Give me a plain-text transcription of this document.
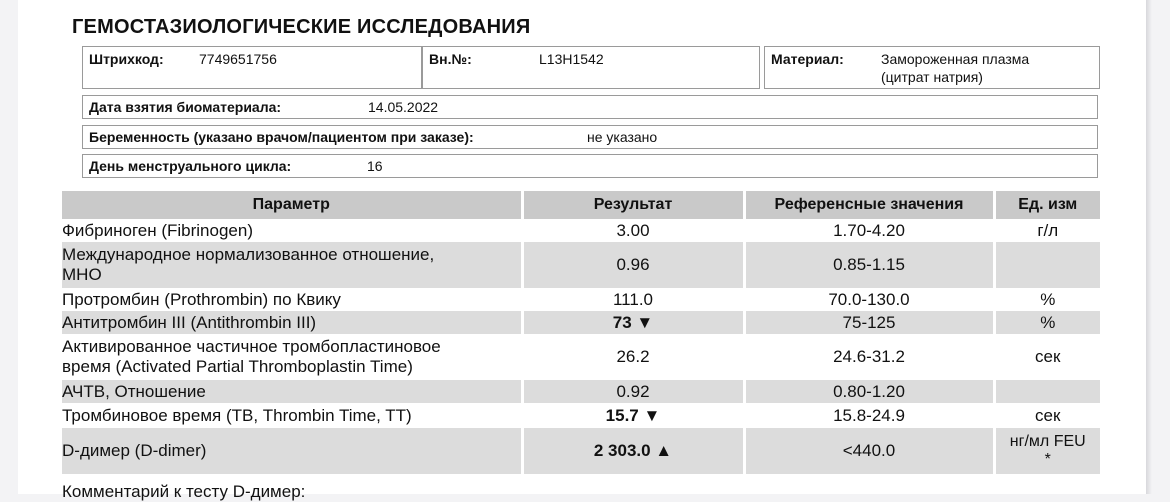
ГЕМОСТАЗИОЛОГИЧЕСКИЕ ИССЛЕДОВАНИЯ
Штрихкод:	7749651756	Вн.№:	L13H1542	Материал:	Замороженная плазма
(цитрат натрия)
Дата взятия биоматериала:	14.05.2022
Беременность (указано врачом/пациентом при заказе):	не указано
День менструального цикла:	16
Параметр	Результат	Референсные значения	Ед. изм
Фибриноген (Fibrinogen)	3.00	1.70-4.20	г/л
Международное нормализованное отношение,
МНО	0.96	0.85-1.15	
Протромбин (Prothrombin) по Квику	111.0	70.0-130.0	%
Антитромбин III (Antithrombin III)	73 ▼	75-125	%
Активированное частичное тромбопластиновое
время (Activated Partial Thromboplastin Time)	26.2	24.6-31.2	сек
АЧТВ, Отношение	0.92	0.80-1.20	
Тромбиновое время (ТВ, Thrombin Time, TT)	15.7 ▼	15.8-24.9	сек
D-димер (D-dimer)	2 303.0 ▲	<440.0	нг/мл FEU
*
Комментарий к тесту D-димер:
